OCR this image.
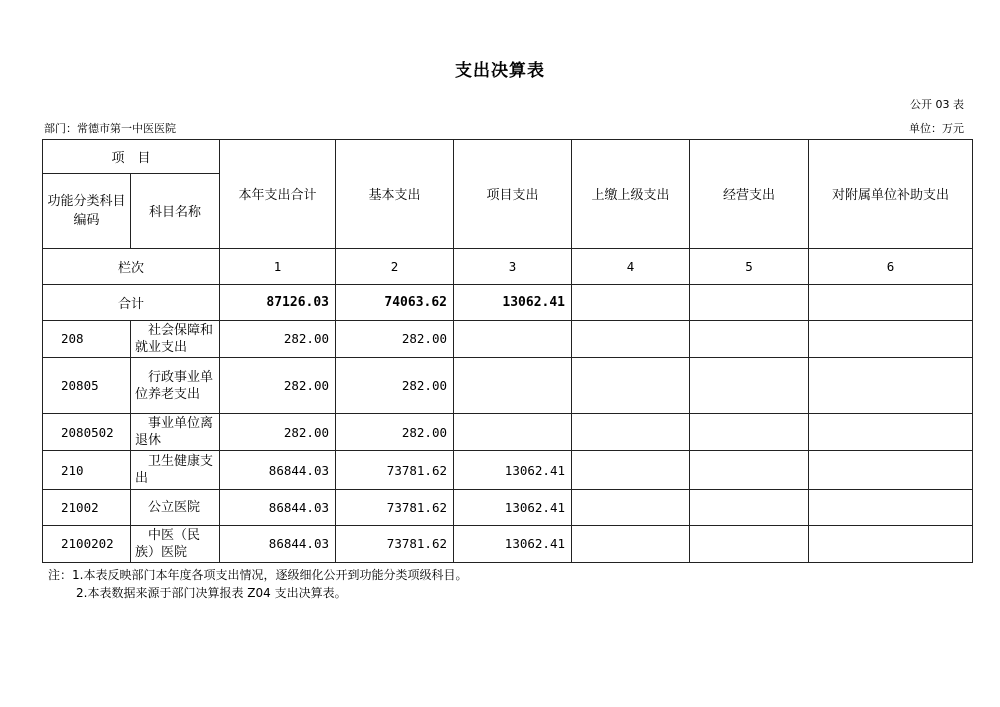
支出决算表
公开 03 表
部门：常德市第一中医医院	单位：万元
项　目		本年支出合计	基本支出	项目支出	上缴上级支出	经营支出	对附属单位补助支出
功能分类科目编码	科目名称						
栏次		1	2	3	4	5	6
合计		87126.03	74063.62	13062.41			
208	社会保障和就业支出	282.00	282.00				
20805	行政事业单位养老支出	282.00	282.00				
2080502	事业单位离退休	282.00	282.00				
210	卫生健康支出	86844.03	73781.62	13062.41			
21002	公立医院	86844.03	73781.62	13062.41			
2100202	中医（民族）医院	86844.03	73781.62	13062.41			
注：1.本表反映部门本年度各项支出情况，逐级细化公开到功能分类项级科目。
2.本表数据来源于部门决算报表 Z04 支出决算表。
